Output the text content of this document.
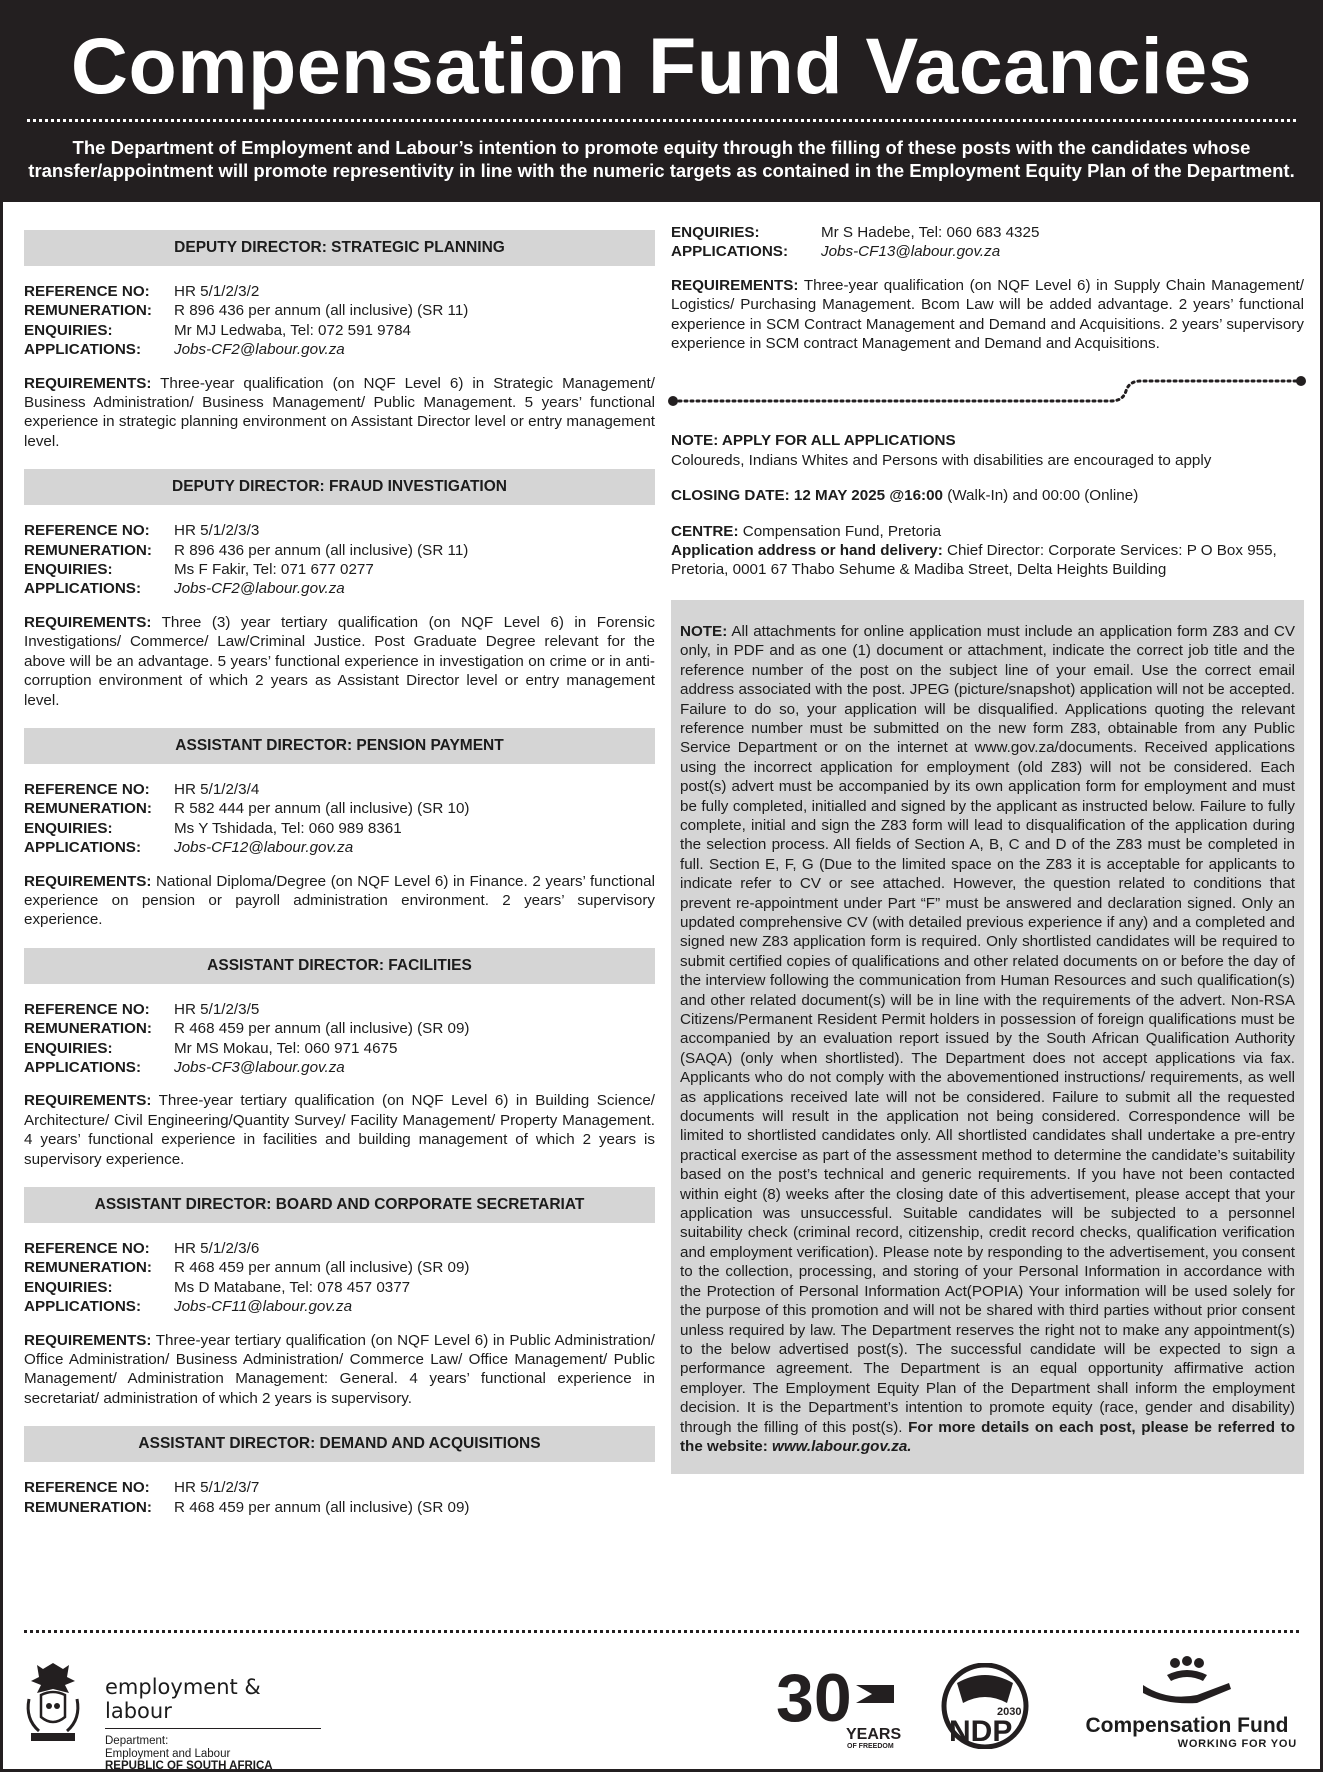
Compensation Fund Vacancies

The Department of Employment and Labour’s intention to promote equity through the filling of these posts with the candidates whose transfer/appointment will promote representivity in line with the numeric targets as contained in the Employment Equity Plan of the Department.

DEPUTY DIRECTOR: STRATEGIC PLANNING
REFERENCE NO:	HR 5/1/2/3/2
REMUNERATION:	R 896 436 per annum (all inclusive) (SR 11)
ENQUIRIES:	Mr MJ Ledwaba, Tel: 072 591 9784
APPLICATIONS:	Jobs-CF2@labour.gov.za
REQUIREMENTS: Three-year qualification (on NQF Level 6) in Strategic Management/ Business Administration/ Business Management/ Public Management. 5 years’ functional experience in strategic planning environment on Assistant Director level or entry management level.
DEPUTY DIRECTOR: FRAUD INVESTIGATION
REFERENCE NO:	HR 5/1/2/3/3
REMUNERATION:	R 896 436 per annum (all inclusive) (SR 11)
ENQUIRIES:	Ms F Fakir, Tel: 071 677 0277
APPLICATIONS:	Jobs-CF2@labour.gov.za
REQUIREMENTS: Three (3) year tertiary qualification (on NQF Level 6) in Forensic Investigations/ Commerce/ Law/Criminal Justice. Post Graduate Degree relevant for the above will be an advantage. 5 years’ functional experience in investigation on crime or in anti-corruption environment of which 2 years as Assistant Director level or entry management level.
ASSISTANT DIRECTOR: PENSION PAYMENT
REFERENCE NO:	HR 5/1/2/3/4
REMUNERATION:	R 582 444 per annum (all inclusive) (SR 10)
ENQUIRIES:	Ms Y Tshidada, Tel: 060 989 8361
APPLICATIONS:	Jobs-CF12@labour.gov.za
REQUIREMENTS: National Diploma/Degree (on NQF Level 6) in Finance. 2 years’ functional experience on pension or payroll administration environment. 2 years’ supervisory experience.
ASSISTANT DIRECTOR: FACILITIES
REFERENCE NO:	HR 5/1/2/3/5
REMUNERATION:	R 468 459 per annum (all inclusive) (SR 09)
ENQUIRIES:	Mr MS Mokau, Tel: 060 971 4675
APPLICATIONS:	Jobs-CF3@labour.gov.za
REQUIREMENTS: Three-year tertiary qualification (on NQF Level 6) in Building Science/ Architecture/ Civil Engineering/Quantity Survey/ Facility Management/ Property Management. 4 years’ functional experience in facilities and building management of which 2 years is supervisory experience.
ASSISTANT DIRECTOR: BOARD AND CORPORATE SECRETARIAT
REFERENCE NO:	HR 5/1/2/3/6
REMUNERATION:	R 468 459 per annum (all inclusive) (SR 09)
ENQUIRIES:	Ms D Matabane, Tel: 078 457 0377
APPLICATIONS:	Jobs-CF11@labour.gov.za
REQUIREMENTS: Three-year tertiary qualification (on NQF Level 6) in Public Administration/ Office Administration/ Business Administration/ Commerce Law/ Office Management/ Public Management/ Administration Management: General. 4 years’ functional experience in secretariat/ administration of which 2 years is supervisory.
ASSISTANT DIRECTOR: DEMAND AND ACQUISITIONS
REFERENCE NO:	HR 5/1/2/3/7
REMUNERATION:	R 468 459 per annum (all inclusive) (SR 09)
ENQUIRIES:	Mr S Hadebe, Tel: 060 683 4325
APPLICATIONS:	Jobs-CF13@labour.gov.za
REQUIREMENTS: Three-year qualification (on NQF Level 6) in Supply Chain Management/ Logistics/ Purchasing Management. Bcom Law will be added advantage. 2 years’ functional experience in SCM Contract Management and Demand and Acquisitions. 2 years’ supervisory experience in SCM contract Management and Demand and Acquisitions.
NOTE: APPLY FOR ALL APPLICATIONS
Coloureds, Indians Whites and Persons with disabilities are encouraged to apply
CLOSING DATE: 12 MAY 2025 @16:00 (Walk-In) and 00:00 (Online)
CENTRE: Compensation Fund, Pretoria
Application address or hand delivery: Chief Director: Corporate Services: P O Box 955, Pretoria, 0001 67 Thabo Sehume & Madiba Street, Delta Heights Building
NOTE: All attachments for online application must include an application form Z83 and CV only, in PDF and as one (1) document or attachment, indicate the correct job title and the reference number of the post on the subject line of your email. Use the correct email address associated with the post. JPEG (picture/snapshot) application will not be accepted. Failure to do so, your application will be disqualified. Applications quoting the relevant reference number must be submitted on the new form Z83, obtainable from any Public Service Department or on the internet at www.gov.za/documents. Received applications using the incorrect application for employment (old Z83) will not be considered. Each post(s) advert must be accompanied by its own application form for employment and must be fully completed, initialled and signed by the applicant as instructed below. Failure to fully complete, initial and sign the Z83 form will lead to disqualification of the application during the selection process. All fields of Section A, B, C and D of the Z83 must be completed in full. Section E, F, G (Due to the limited space on the Z83 it is acceptable for applicants to indicate refer to CV or see attached. However, the question related to conditions that prevent re-appointment under Part “F” must be answered and declaration signed. Only an updated comprehensive CV (with detailed previous experience if any) and a completed and signed new Z83 application form is required. Only shortlisted candidates will be required to submit certified copies of qualifications and other related documents on or before the day of the interview following the communication from Human Resources and such qualification(s) and other related document(s) will be in line with the requirements of the advert. Non-RSA Citizens/Permanent Resident Permit holders in possession of foreign qualifications must be accompanied by an evaluation report issued by the South African Qualification Authority (SAQA) (only when shortlisted). The Department does not accept applications via fax. Applicants who do not comply with the abovementioned instructions/ requirements, as well as applications received late will not be considered. Failure to submit all the requested documents will result in the application not being considered. Correspondence will be limited to shortlisted candidates only. All shortlisted candidates shall undertake a pre-entry practical exercise as part of the assessment method to determine the candidate’s suitability based on the post’s technical and generic requirements. If you have not been contacted within eight (8) weeks after the closing date of this advertisement, please accept that your application was unsuccessful. Suitable candidates will be subjected to a personnel suitability check (criminal record, citizenship, credit record checks, qualification verification and employment verification). Please note by responding to the advertisement, you consent to the collection, processing, and storing of your Personal Information in accordance with the Protection of Personal Information Act(POPIA) Your information will be used solely for the purpose of this promotion and will not be shared with third parties without prior consent unless required by law. The Department reserves the right not to make any appointment(s) to the below advertised post(s). The successful candidate will be expected to sign a performance agreement. The Department is an equal opportunity affirmative action employer. The Employment Equity Plan of the Department shall inform the employment decision. It is the Department’s intention to promote equity (race, gender and disability) through the filling of this post(s). For more details on each post, please be referred to the website: www.labour.gov.za.
employment & labour
Department:
Employment and Labour
REPUBLIC OF SOUTH AFRICA
30
YEARS
OF FREEDOM
2030
NDP	Compensation Fund
WORKING FOR YOU
